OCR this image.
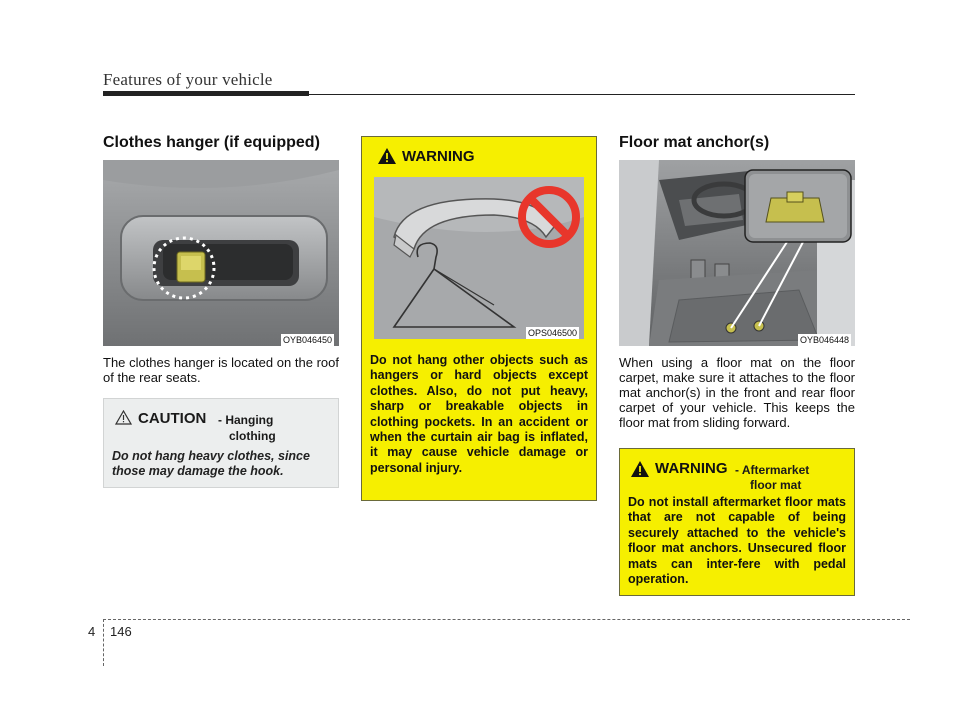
Features of your vehicle
Clothes hanger (if equipped)
OYB046450
The clothes hanger is located on the roof of the rear seats.
CAUTION - Hanging
clothing
Do not hang heavy clothes, since those may damage the hook.
WARNING
OPS046500
Do not hang other objects such as hangers or hard objects except clothes. Also, do not put heavy, sharp or breakable objects in clothing pockets. In an accident or when the curtain air bag is inflated, it may cause vehicle damage or personal injury.
Floor mat anchor(s)
OYB046448
When using a floor mat on the floor carpet, make sure it attaches to the floor mat anchor(s) in the front and rear floor carpet of your vehicle. This keeps the floor mat from sliding forward.
WARNING - Aftermarket
floor mat
Do not install aftermarket floor mats that are not capable of being securely attached to the vehicle's floor mat anchors. Unsecured floor mats can inter-fere with pedal operation.
4 146
